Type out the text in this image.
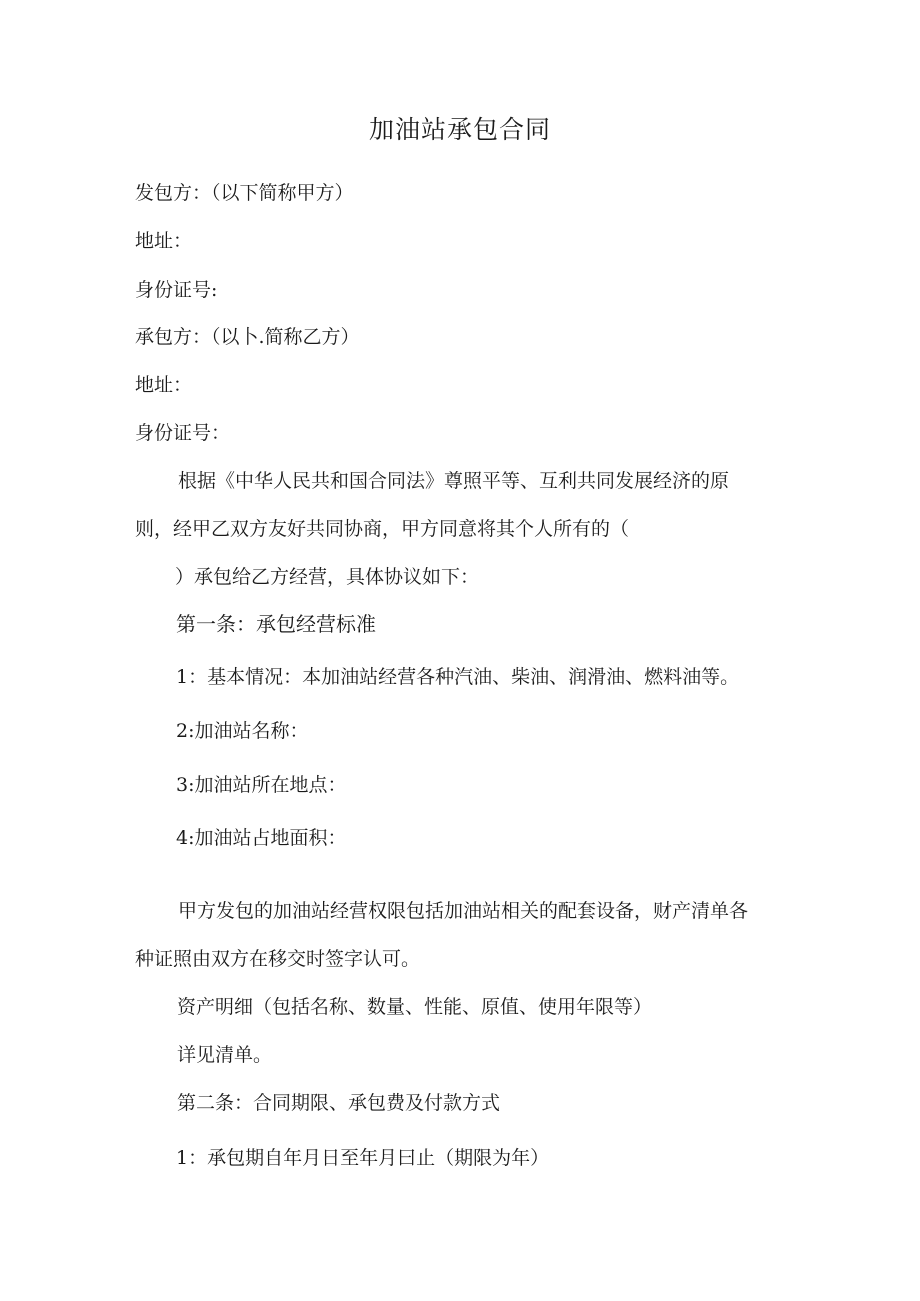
加油站承包合同
发包方：（以下简称甲方）
地址：
身份证号:
承包方：（以卜.简称乙方）
地址：
身份证号：
根据《中华人民共和国合同法》尊照平等、互利共同发展经济的原
则，经甲乙双方友好共同协商，甲方同意将其个人所有的（
）承包给乙方经营，具体协议如下：
第一条：承包经营标准
1：基本情况：本加油站经营各种汽油、柴油、润滑油、燃料油等。
2:加油站名称：
3:加油站所在地点：
4:加油站占地面积：
甲方发包的加油站经营权限包括加油站相关的配套设备，财产清单各
种证照由双方在移交时签字认可。
资产明细（包括名称、数量、性能、原值、使用年限等）
详见清单。
第二条：合同期限、承包费及付款方式
1：承包期自年月日至年月曰止（期限为年）
